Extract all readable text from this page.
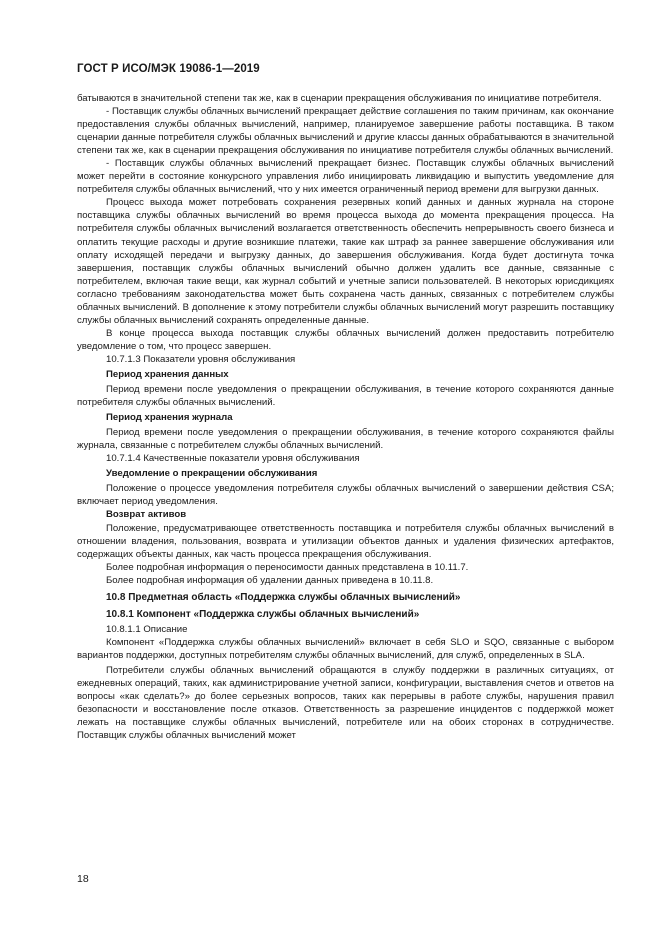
ГОСТ Р ИСО/МЭК 19086-1—2019

батываются в значительной степени так же, как в сценарии прекращения обслуживания по инициативе потребителя.

- Поставщик службы облачных вычислений прекращает действие соглашения по таким причинам, как окончание предоставления службы облачных вычислений, например, планируемое завершение работы поставщика. В таком сценарии данные потребителя службы облачных вычислений и другие классы данных обрабатываются в значительной степени так же, как в сценарии прекращения обслуживания по инициативе потребителя службы облачных вычислений.

- Поставщик службы облачных вычислений прекращает бизнес. Поставщик службы облачных вычислений может перейти в состояние конкурсного управления либо инициировать ликвидацию и выпустить уведомление для потребителя службы облачных вычислений, что у них имеется ограниченный период времени для выгрузки данных.

Процесс выхода может потребовать сохранения резервных копий данных и данных журнала на стороне поставщика службы облачных вычислений во время процесса выхода до момента прекращения процесса. На потребителя службы облачных вычислений возлагается ответственность обеспечить непрерывность своего бизнеса и оплатить текущие расходы и другие возникшие платежи, такие как штраф за раннее завершение обслуживания или оплату исходящей передачи и выгрузку данных, до завершения обслуживания. Когда будет достигнута точка завершения, поставщик службы облачных вычислений обычно должен удалить все данные, связанные с потребителем, включая такие вещи, как журнал событий и учетные записи пользователей. В некоторых юрисдикциях согласно требованиям законодательства может быть сохранена часть данных, связанных с потребителем службы облачных вычислений. В дополнение к этому потребители службы облачных вычислений могут разрешить поставщику службы облачных вычислений сохранять определенные данные.

В конце процесса выхода поставщик службы облачных вычислений должен предоставить потребителю уведомление о том, что процесс завершен.

10.7.1.3 Показатели уровня обслуживания

Период хранения данных

Период времени после уведомления о прекращении обслуживания, в течение которого сохраняются данные потребителя службы облачных вычислений.

Период хранения журнала

Период времени после уведомления о прекращении обслуживания, в течение которого сохраняются файлы журнала, связанные с потребителем службы облачных вычислений.

10.7.1.4 Качественные показатели уровня обслуживания

Уведомление о прекращении обслуживания

Положение о процессе уведомления потребителя службы облачных вычислений о завершении действия CSA; включает период уведомления.

Возврат активов

Положение, предусматривающее ответственность поставщика и потребителя службы облачных вычислений в отношении владения, пользования, возврата и утилизации объектов данных и удаления физических артефактов, содержащих объекты данных, как часть процесса прекращения обслуживания.

Более подробная информация о переносимости данных представлена в 10.11.7.

Более подробная информация об удалении данных приведена в 10.11.8.

10.8 Предметная область «Поддержка службы облачных вычислений»

10.8.1 Компонент «Поддержка службы облачных вычислений»

10.8.1.1 Описание

Компонент «Поддержка службы облачных вычислений» включает в себя SLO и SQO, связанные с выбором вариантов поддержки, доступных потребителям службы облачных вычислений, для служб, определенных в SLA.

Потребители службы облачных вычислений обращаются в службу поддержки в различных ситуациях, от ежедневных операций, таких, как администрирование учетной записи, конфигурации, выставления счетов и ответов на вопросы «как сделать?» до более серьезных вопросов, таких как перерывы в работе службы, нарушения правил безопасности и восстановление после отказов. Ответственность за разрешение инцидентов с поддержкой может лежать на поставщике службы облачных вычислений, потребителе или на обоих сторонах в сотрудничестве. Поставщик службы облачных вычислений может

18
